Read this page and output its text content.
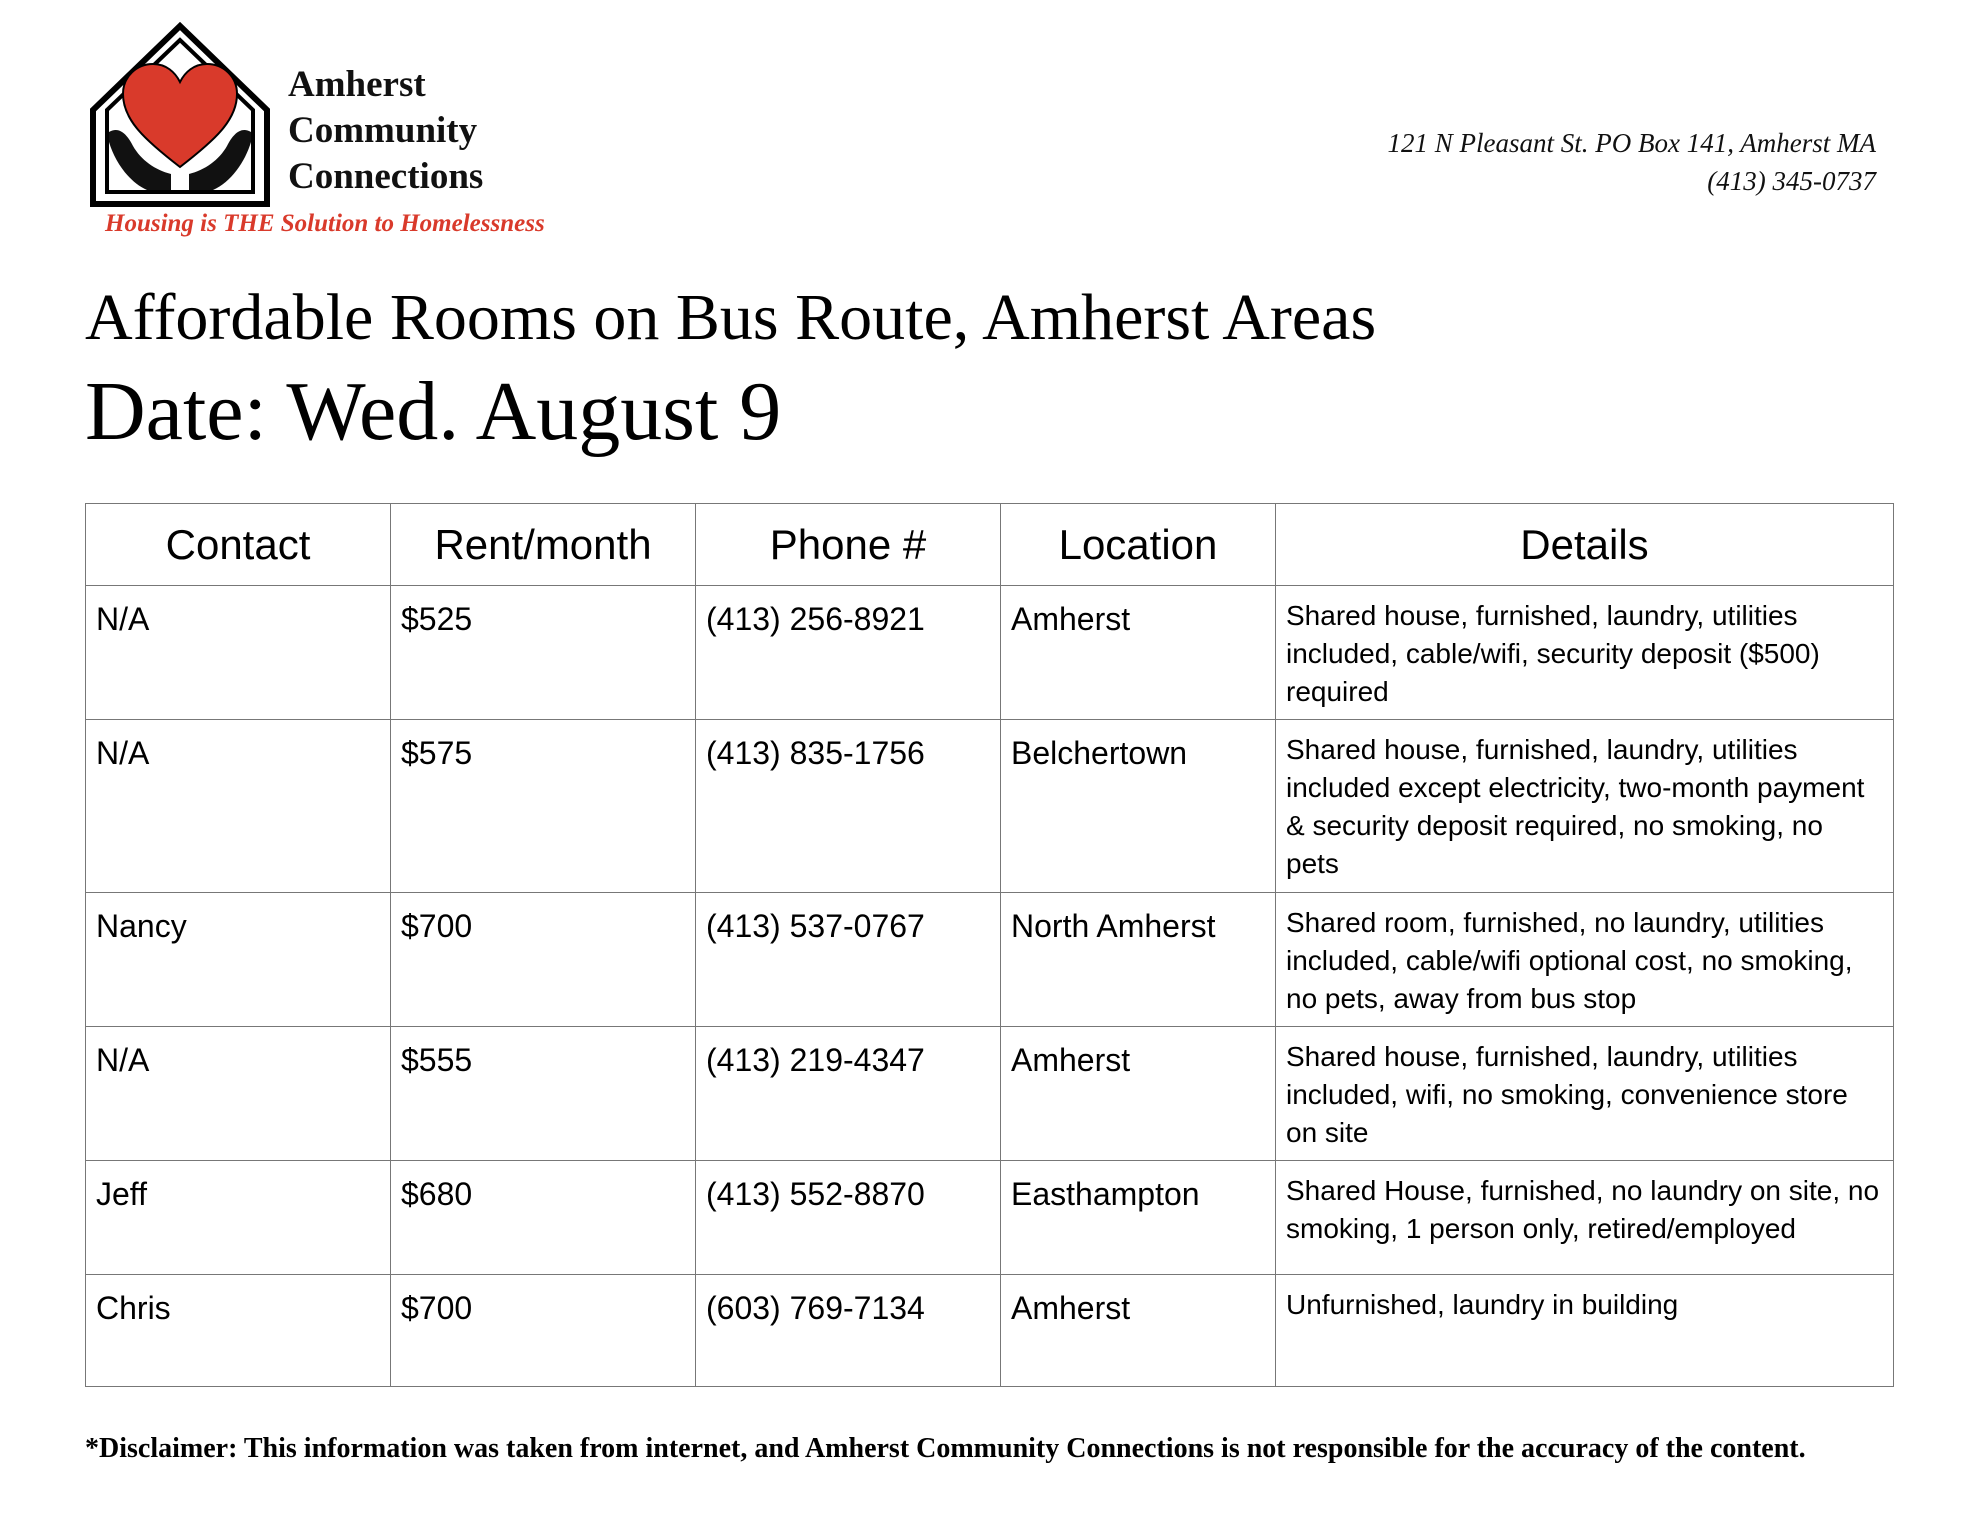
Amherst
Community
Connections
Housing is THE Solution to Homelessness
121 N Pleasant St. PO Box 141, Amherst MA
(413) 345-0737
Affordable Rooms on Bus Route, Amherst Areas
Date: Wed. August 9
Contact	Rent/month	Phone #	Location	Details
N/A	$525	(413) 256-8921	Amherst	Shared house, furnished, laundry, utilities included, cable/wifi, security deposit ($500) required
N/A	$575	(413) 835-1756	Belchertown	Shared house, furnished, laundry, utilities included except electricity, two-month payment & security deposit required, no smoking, no pets
Nancy	$700	(413) 537-0767	North Amherst	Shared room, furnished, no laundry, utilities included, cable/wifi optional cost, no smoking, no pets, away from bus stop
N/A	$555	(413) 219-4347	Amherst	Shared house, furnished, laundry, utilities included, wifi, no smoking, convenience store on site
Jeff	$680	(413) 552-8870	Easthampton	Shared House, furnished, no laundry on site, no smoking, 1 person only, retired/employed
Chris	$700	(603) 769-7134	Amherst	Unfurnished, laundry in building
*Disclaimer: This information was taken from internet, and Amherst Community Connections is not responsible for the accuracy of the content.
